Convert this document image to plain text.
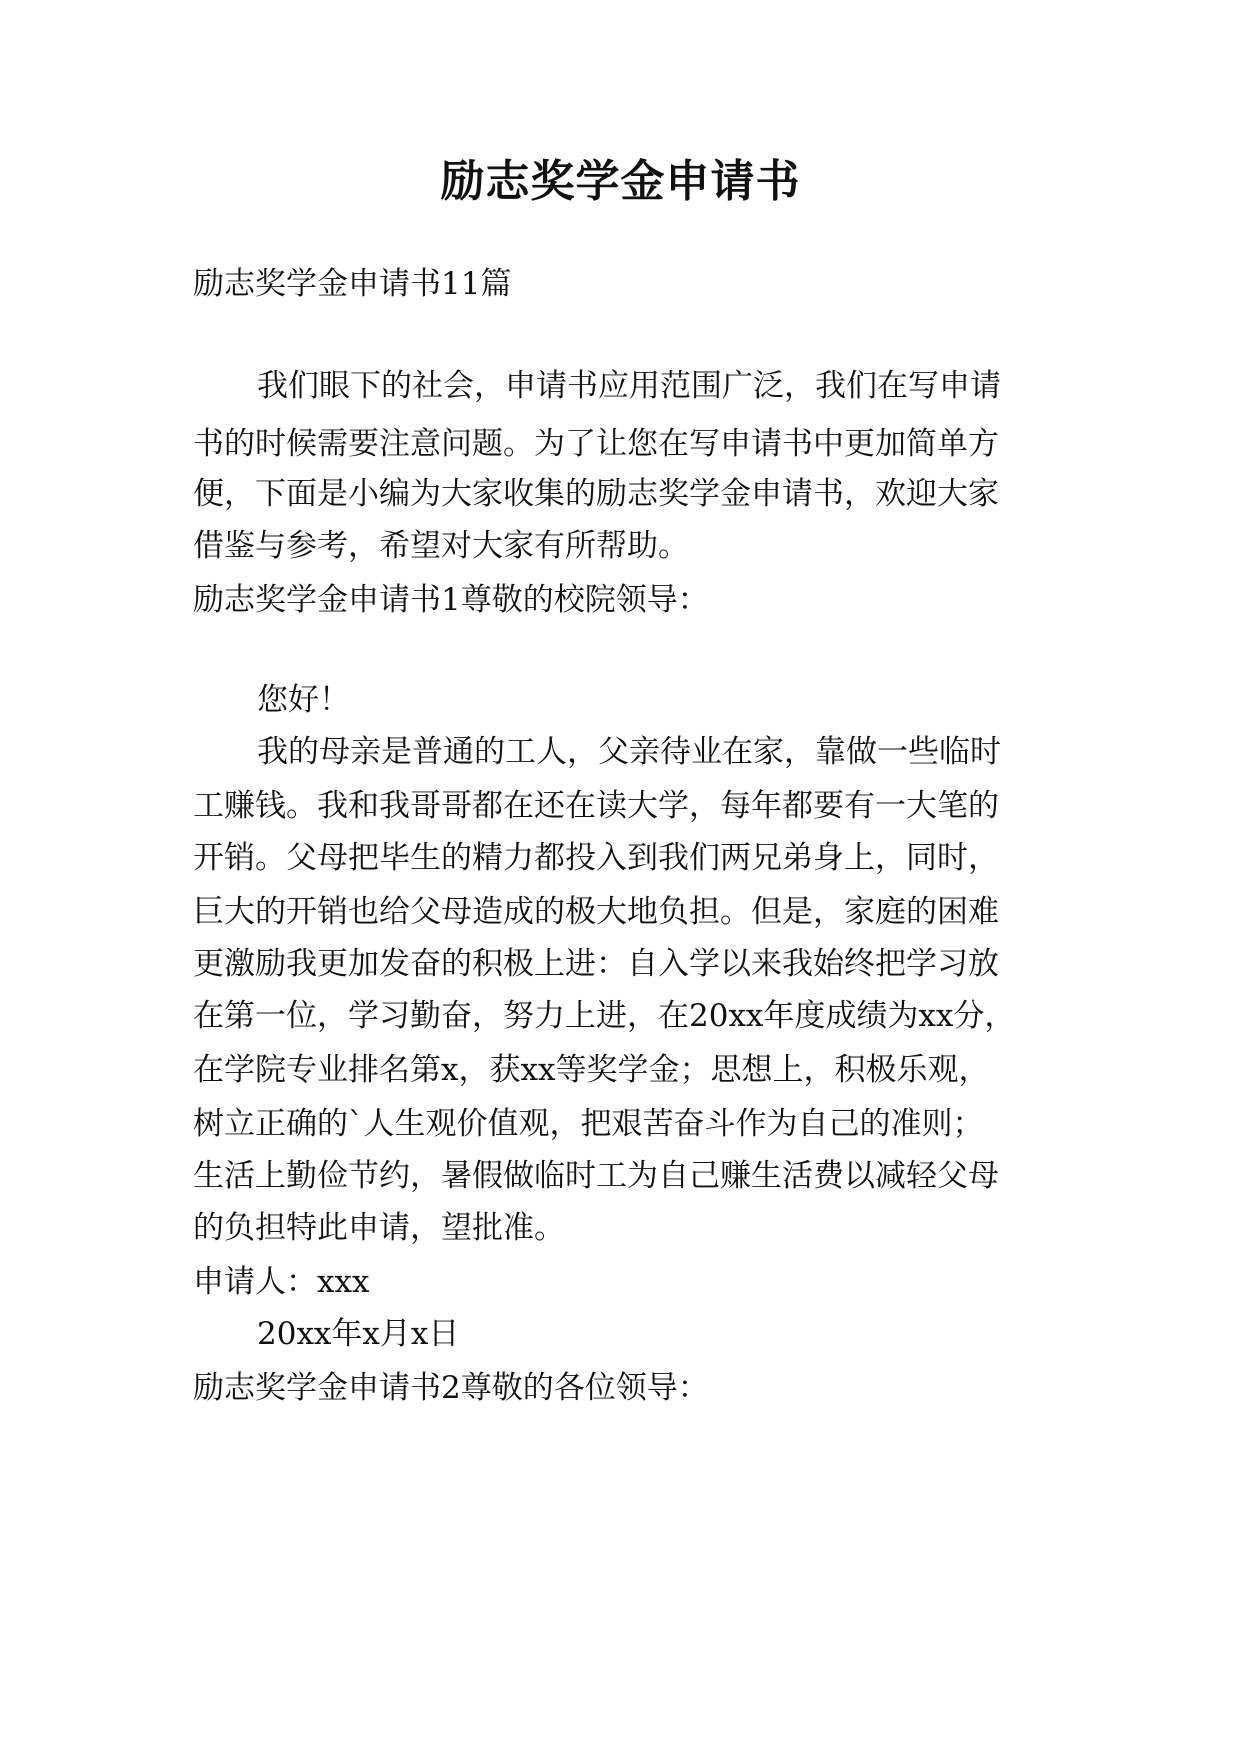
励志奖学金申请书
励志奖学金申请书11篇
我们眼下的社会，申请书应用范围广泛，我们在写申请
书的时候需要注意问题。为了让您在写申请书中更加简单方
便，下面是小编为大家收集的励志奖学金申请书，欢迎大家
借鉴与参考，希望对大家有所帮助。
励志奖学金申请书1尊敬的校院领导：
您好！
我的母亲是普通的工人，父亲待业在家，靠做一些临时
工赚钱。我和我哥哥都在还在读大学，每年都要有一大笔的
开销。父母把毕生的精力都投入到我们两兄弟身上，同时，
巨大的开销也给父母造成的极大地负担。但是，家庭的困难
更激励我更加发奋的积极上进：自入学以来我始终把学习放
在第一位，学习勤奋，努力上进，在20xx年度成绩为xx分，
在学院专业排名第x，获xx等奖学金；思想上，积极乐观，
树立正确的`人生观价值观，把艰苦奋斗作为自己的准则；
生活上勤俭节约，暑假做临时工为自己赚生活费以减轻父母
的负担特此申请，望批准。
申请人：xxx
20xx年x月x日
励志奖学金申请书2尊敬的各位领导：
